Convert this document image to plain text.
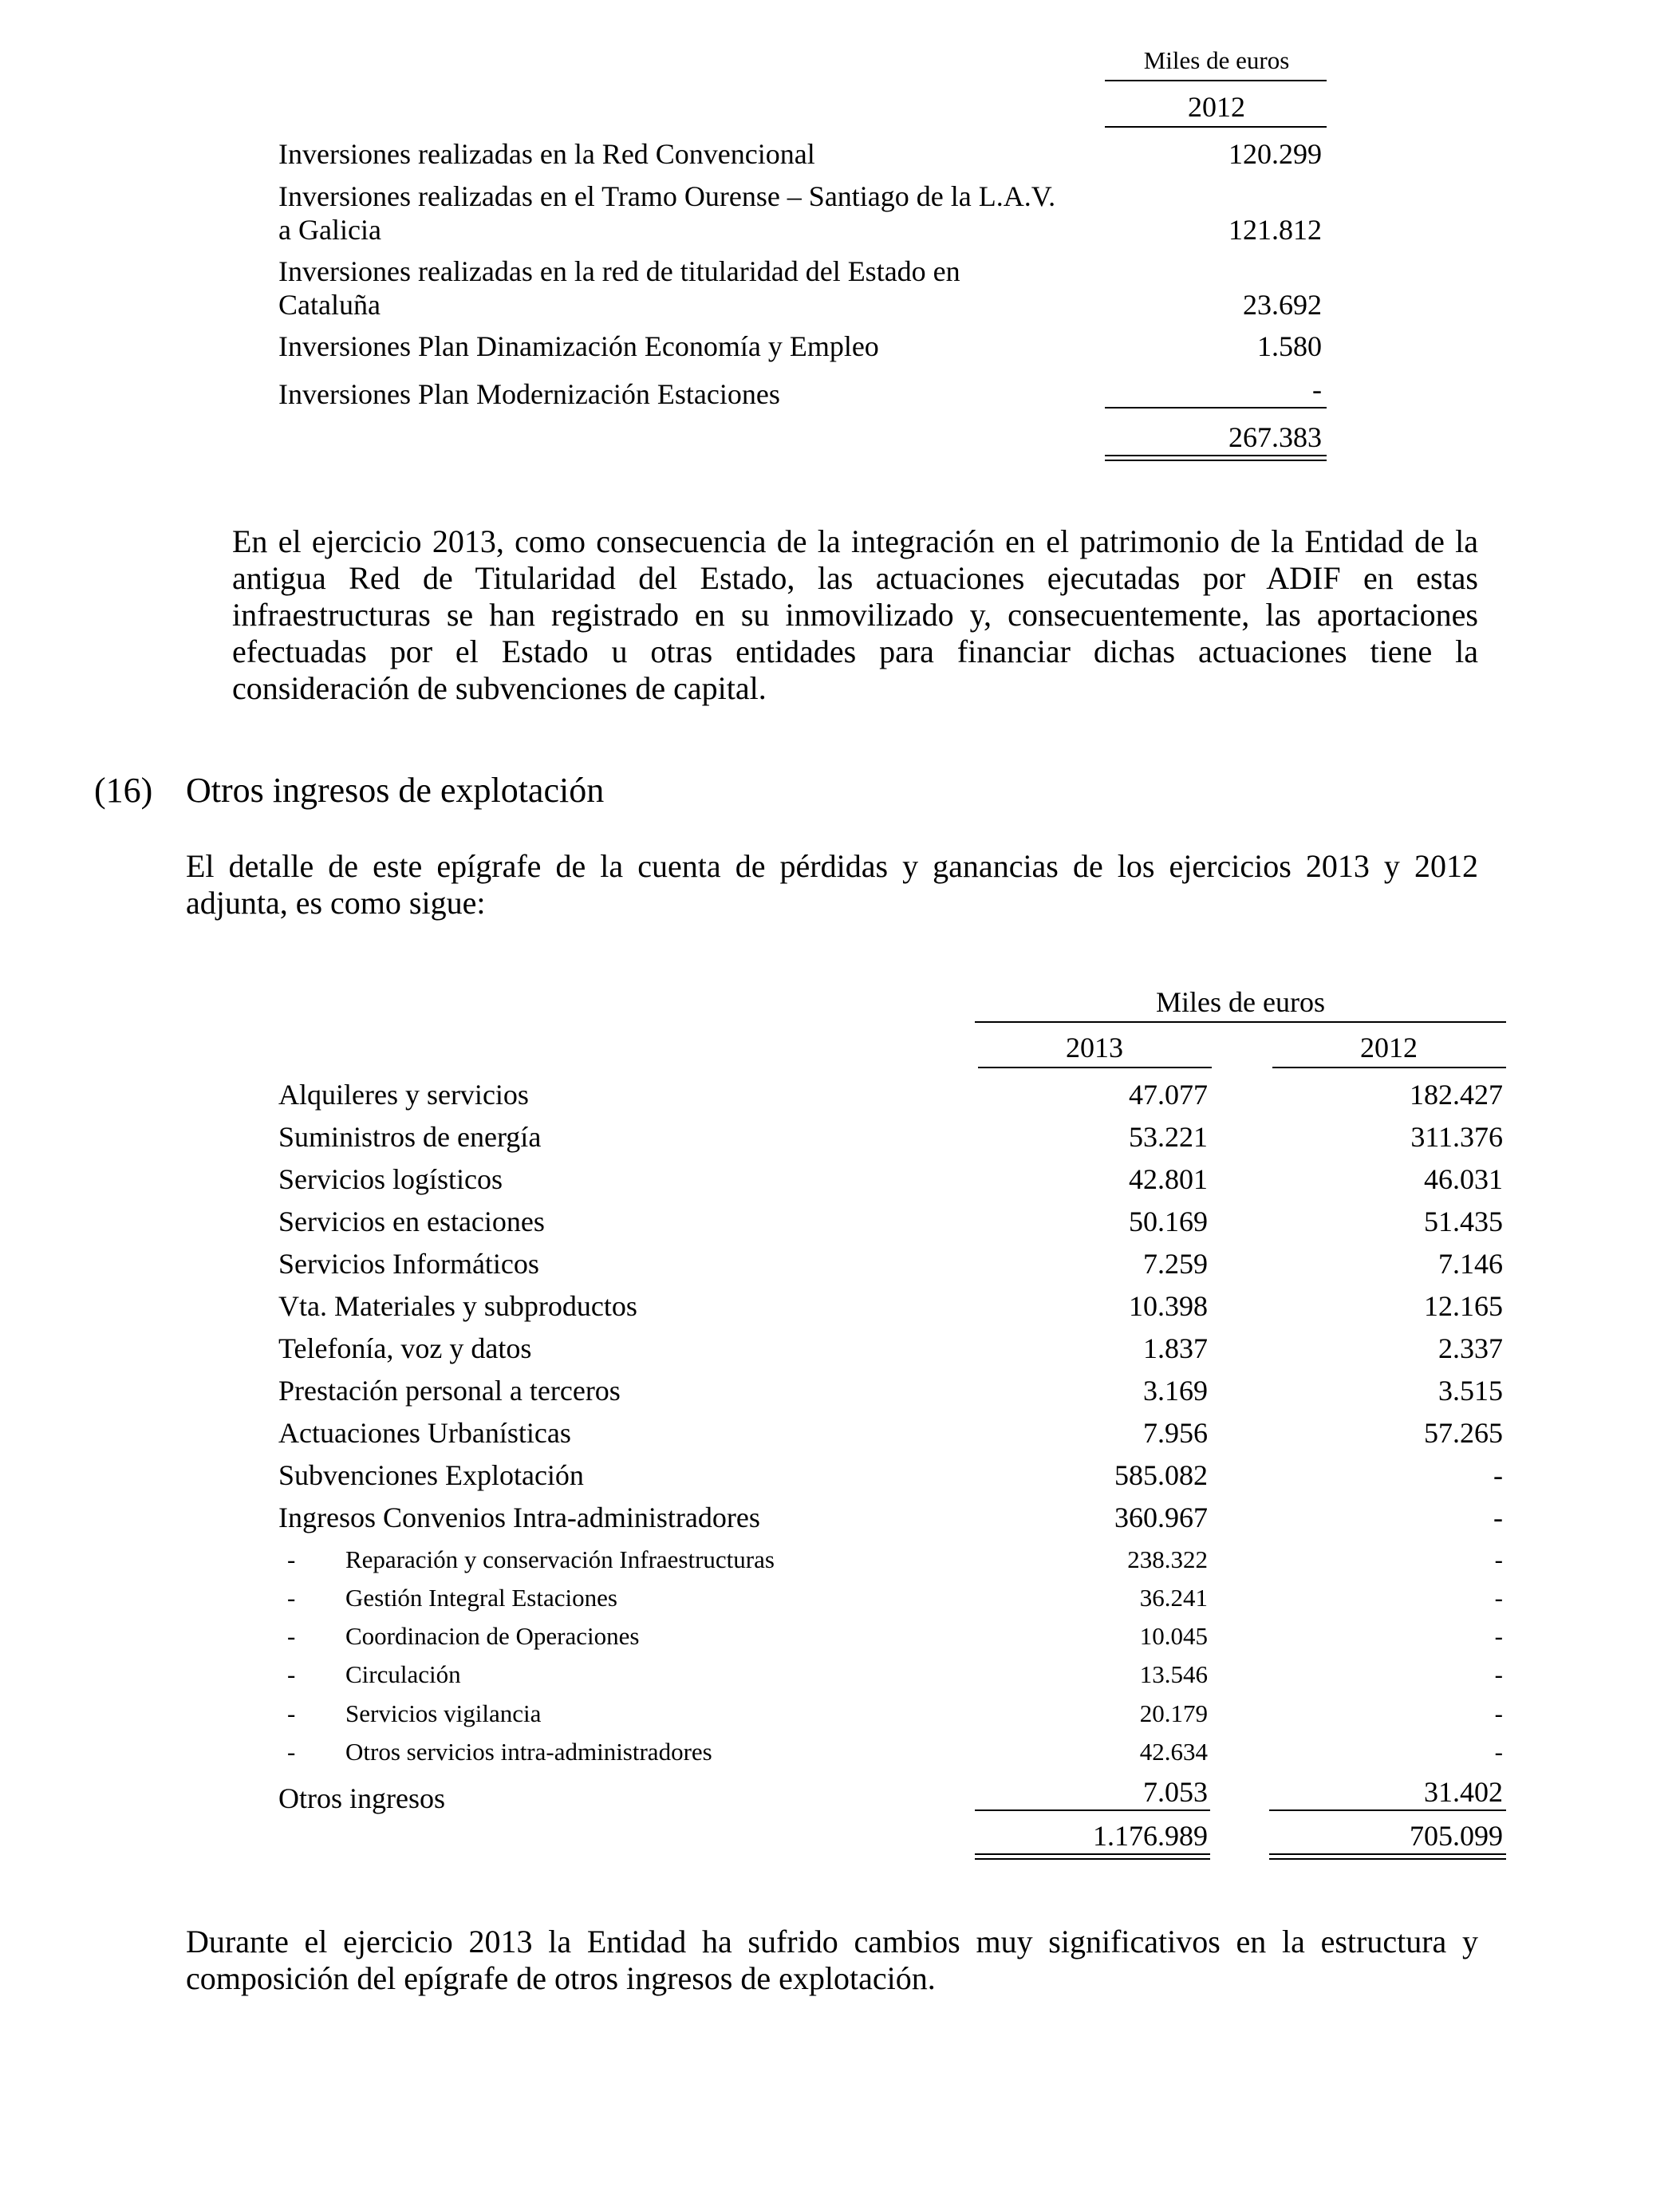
Miles de euros
2012
Inversiones realizadas en la Red Convencional	120.299
Inversiones realizadas en el Tramo Ourense – Santiago de la L.A.V.
a Galicia	121.812
Inversiones realizadas en la red de titularidad del Estado en
Cataluña	23.692
Inversiones Plan Dinamización Economía y Empleo	1.580
Inversiones Plan Modernización Estaciones	-
267.383
En el ejercicio 2013, como consecuencia de la integración en el patrimonio de la Entidad de la antigua Red de Titularidad del Estado, las actuaciones ejecutadas por ADIF en estas infraestructuras se han registrado en su inmovilizado y, consecuentemente, las aportaciones efectuadas por el Estado u otras entidades para financiar dichas actuaciones tiene la consideración de subvenciones de capital.
(16) Otros ingresos de explotación
El detalle de este epígrafe de la cuenta de pérdidas y ganancias de los ejercicios 2013 y 2012 adjunta, es como sigue:
Miles de euros
2013	2012
Alquileres y servicios	47.077	182.427
Suministros de energía	53.221	311.376
Servicios logísticos	42.801	46.031
Servicios en estaciones	50.169	51.435
Servicios Informáticos	7.259	7.146
Vta. Materiales y subproductos	10.398	12.165
Telefonía, voz y datos	1.837	2.337
Prestación personal a terceros	3.169	3.515
Actuaciones Urbanísticas	7.956	57.265
Subvenciones Explotación	585.082	-
Ingresos Convenios Intra-administradores	360.967	-
- Reparación y conservación Infraestructuras	238.322	-
- Gestión Integral Estaciones	36.241	-
- Coordinacion de Operaciones	10.045	-
- Circulación	13.546	-
- Servicios vigilancia	20.179	-
- Otros servicios intra-administradores	42.634	-
Otros ingresos	7.053	31.402
1.176.989	705.099
Durante el ejercicio 2013 la Entidad ha sufrido cambios muy significativos en la estructura y composición del epígrafe de otros ingresos de explotación.
